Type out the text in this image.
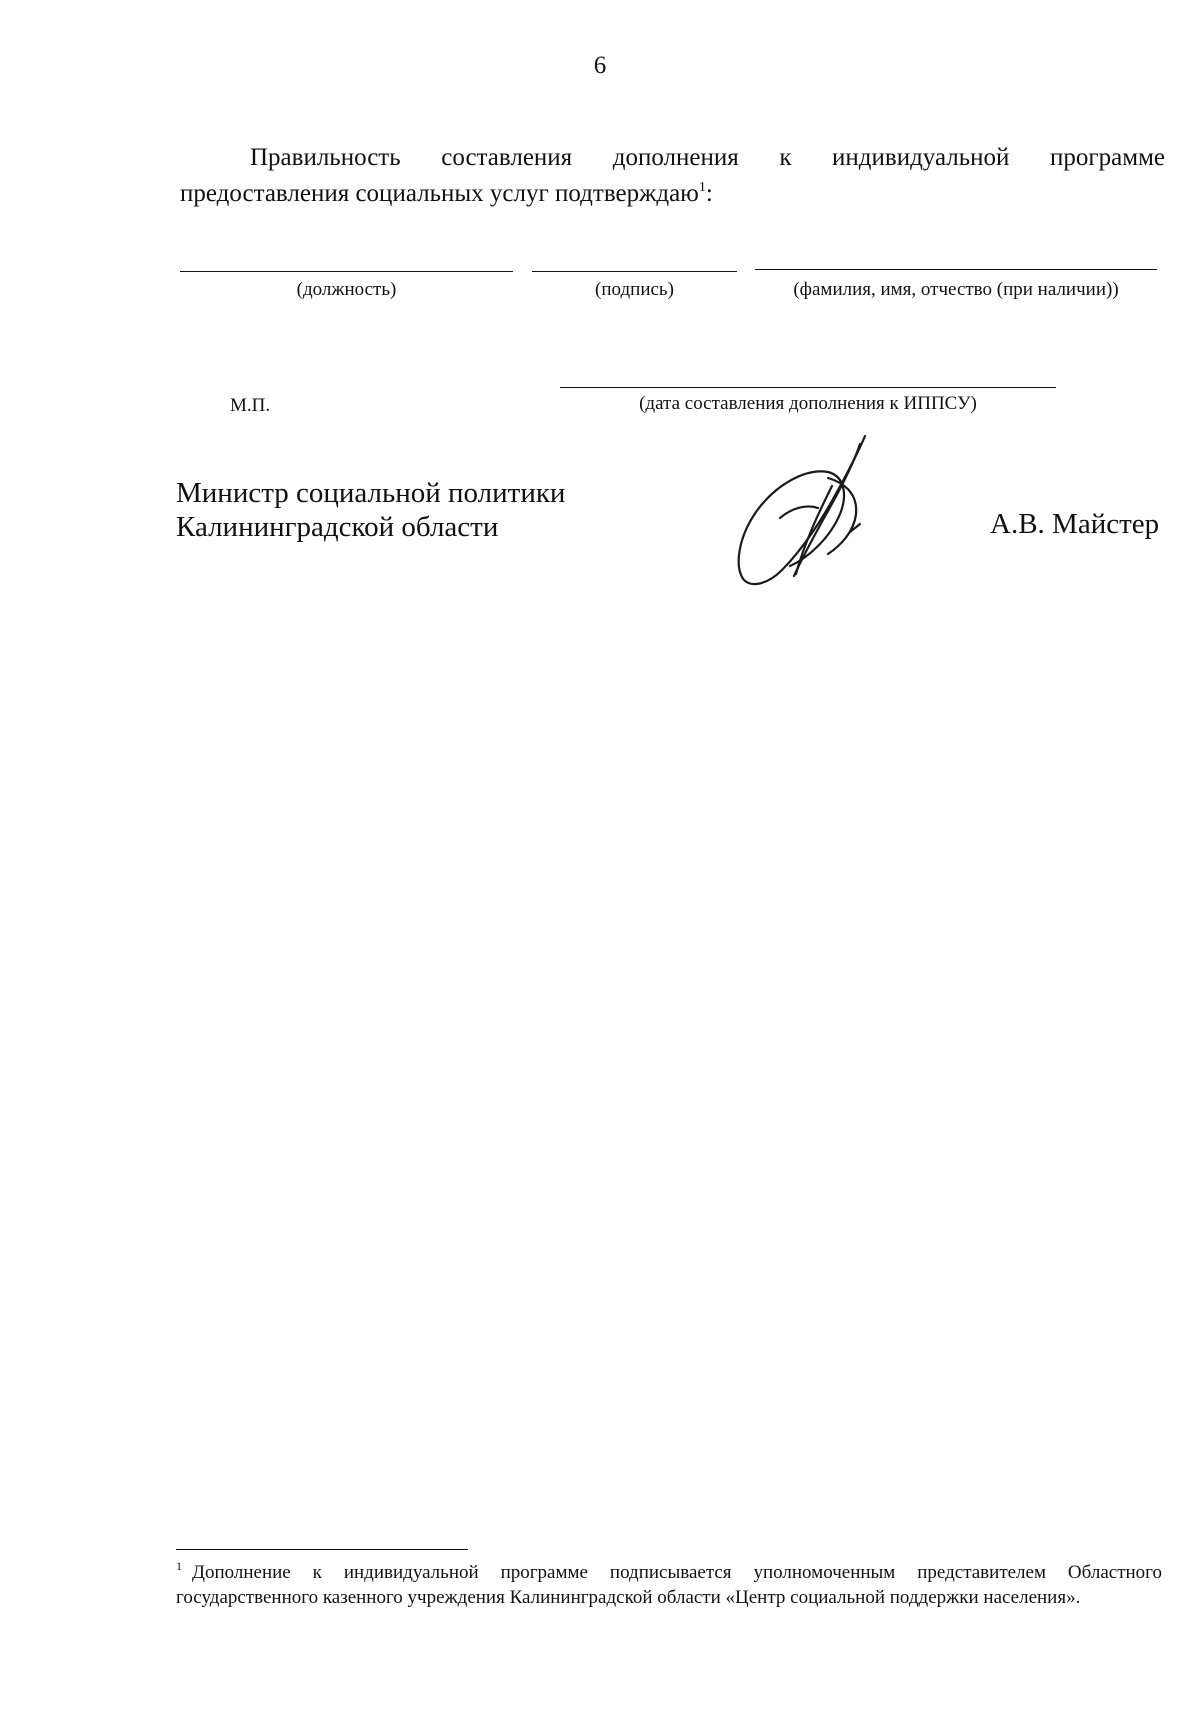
6
Правильность составления дополнения к индивидуальной программе предоставления социальных услуг подтверждаю$^1$:
(должность)	(подпись)	(фамилия, имя, отчество (при наличии))
М.П.	(дата составления дополнения к ИППСУ)
Министр социальной политики
Калининградской области	А.В. Майстер
$^1$ Дополнение к индивидуальной программе подписывается уполномоченным представителем Областного государственного казенного учреждения Калининградской области «Центр социальной поддержки населения».
